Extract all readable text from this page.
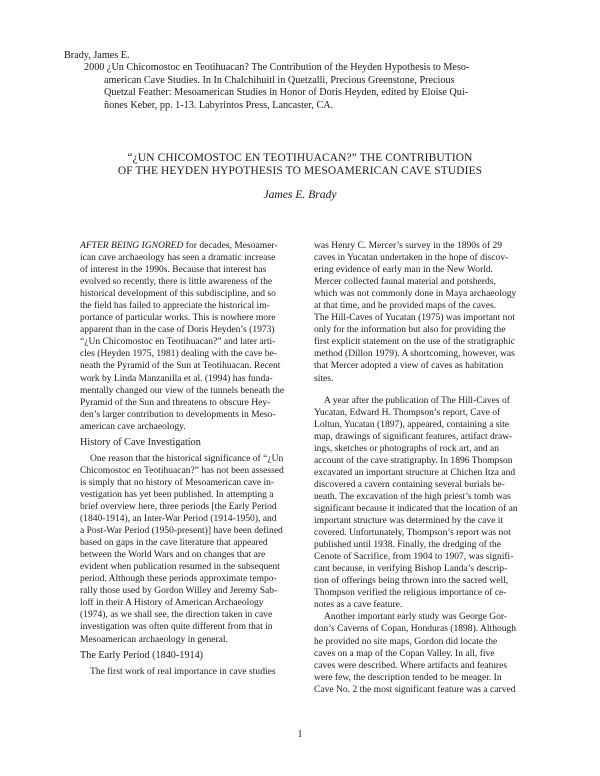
Brady, James E.
2000 ¿Un Chicomostoc en Teotihuacan? The Contribution of the Heyden Hypothesis to Meso-
american Cave Studies. In In Chalchihuitl in Quetzalli, Precious Greenstone, Precious
Quetzal Feather: Mesoamerican Studies in Honor of Doris Heyden, edited by Eloise Qui-
ñones Keber, pp. 1-13. Labyrintos Press, Lancaster, CA.
“¿UN CHICOMOSTOC EN TEOTIHUACAN?” THE CONTRIBUTION
OF THE HEYDEN HYPOTHESIS TO MESOAMERICAN CAVE STUDIES
James E. Brady
AFTER BEING IGNORED for decades, Mesoamer-
ican cave archaeology has seen a dramatic increase
of interest in the 1990s. Because that interest has
evolved so recently, there is little awareness of the
historical development of this subdiscipline, and so
the field has failed to appreciate the historical im-
portance of particular works. This is nowhere more
apparent than in the case of Doris Heyden’s (1973)
“¿Un Chicomostoc en Teotihuacan?” and later arti-
cles (Heyden 1975, 1981) dealing with the cave be-
neath the Pyramid of the Sun at Teotihuacan. Recent
work by Linda Manzanilla et al. (1994) has funda-
mentally changed our view of the tunnels beneath the
Pyramid of the Sun and threatens to obscure Hey-
den’s larger contribution to developments in Meso-
american cave archaeology.
History of Cave Investigation
One reason that the historical significance of “¿Un
Chicomostoc en Teotihuacan?” has not been assessed
is simply that no history of Mesoamerican cave in-
vestigation has yet been published. In attempting a
brief overview here, three periods [the Early Period
(1840-1914), an Inter-War Period (1914-1950), and
a Post-War Period (1950-present)] have been defined
based on gaps in the cave literature that appeared
between the World Wars and on changes that are
evident when publication resumed in the subsequent
period. Although these periods approximate tempo-
rally those used by Gordon Willey and Jeremy Sab-
loff in their A History of American Archaeology
(1974), as we shall see, the direction taken in cave
investigation was often quite different from that in
Mesoamerican archaeology in general.
The Early Period (1840-1914)
The first work of real importance in cave studies
was Henry C. Mercer’s survey in the 1890s of 29
caves in Yucatan undertaken in the hope of discov-
ering evidence of early man in the New World.
Mercer collected faunal material and potsherds,
which was not commonly done in Maya archaeology
at that time, and he provided maps of the caves.
The Hill-Caves of Yucatan (1975) was important not
only for the information but also for providing the
first explicit statement on the use of the stratigraphic
method (Dillon 1979). A shortcoming, however, was
that Mercer adopted a view of caves as habitation
sites.
A year after the publication of The Hill-Caves of
Yucatan, Edward H. Thompson’s report, Cave of
Loltun, Yucatan (1897), appeared, containing a site
map, drawings of significant features, artifact draw-
ings, sketches or photographs of rock art, and an
account of the cave stratigraphy. In 1896 Thompson
excavated an important structure at Chichen Itza and
discovered a cavern containing several burials be-
neath. The excavation of the high priest’s tomb was
significant because it indicated that the location of an
important structure was determined by the cave it
covered. Unfortunately, Thompson’s report was not
published until 1938. Finally, the dredging of the
Cenote of Sacrifice, from 1904 to 1907, was signifi-
cant because, in verifying Bishop Landa’s descrip-
tion of offerings being thrown into the sacred well,
Thompson verified the religious importance of ce-
notes as a cave feature.
Another important early study was George Gor-
don’s Caverns of Copan, Honduras (1898). Although
he provided no site maps, Gordon did locate the
caves on a map of the Copan Valley. In all, five
caves were described. Where artifacts and features
were few, the description tended to be meager. In
Cave No. 2 the most significant feature was a carved
1
